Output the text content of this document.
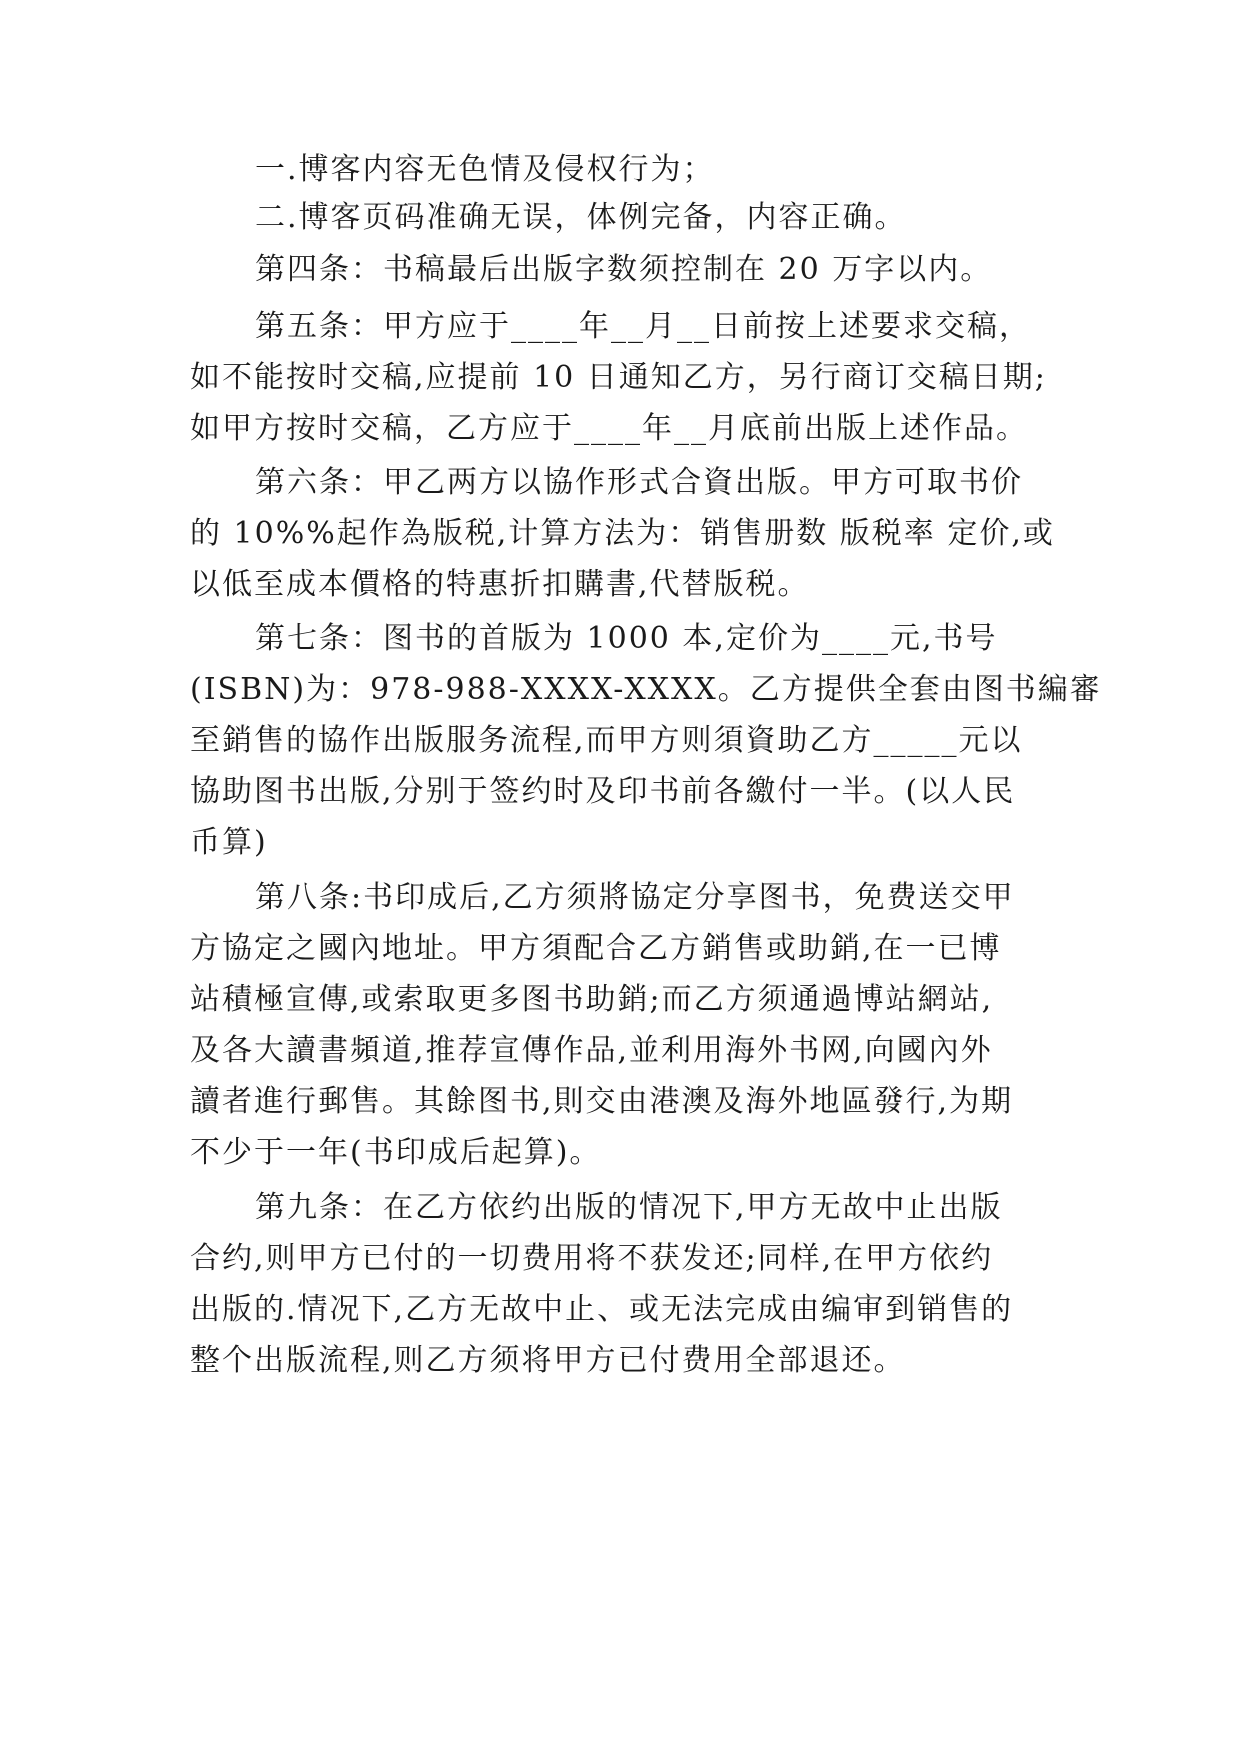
一.博客内容无色情及侵权行为；
二.博客页码准确无误，体例完备，内容正确。
第四条：书稿最后出版字数须控制在 20 万字以内。
第五条：甲方应于____年__月__日前按上述要求交稿，
如不能按时交稿,应提前 10 日通知乙方，另行商订交稿日期;
如甲方按时交稿，乙方应于____年__月底前出版上述作品。
第六条：甲乙两方以協作形式合資出版。甲方可取书价
的 10%%起作為版税,计算方法为：销售册数 版税率 定价,或
以低至成本價格的特惠折扣購書,代替版税。
第七条：图书的首版为 1000 本,定价为____元,书号
(ISBN)为：978-988-XXXX-XXXX。乙方提供全套由图书編審
至銷售的協作出版服务流程,而甲方则須資助乙方_____元以
協助图书出版,分别于签约时及印书前各繳付一半。(以人民
币算)
第八条:书印成后,乙方须將協定分享图书，免费送交甲
方協定之國內地址。甲方須配合乙方銷售或助銷,在一已博
站積極宣傳,或索取更多图书助銷;而乙方须通過博站網站,
及各大讀書頻道,推荐宣傳作品,並利用海外书网,向國內外
讀者進行郵售。其餘图书,則交由港澳及海外地區發行,为期
不少于一年(书印成后起算)。
第九条：在乙方依约出版的情况下,甲方无故中止出版
合约,则甲方已付的一切费用将不获发还;同样,在甲方依约
出版的.情况下,乙方无故中止、或无法完成由编审到销售的
整个出版流程,则乙方须将甲方已付费用全部退还。
